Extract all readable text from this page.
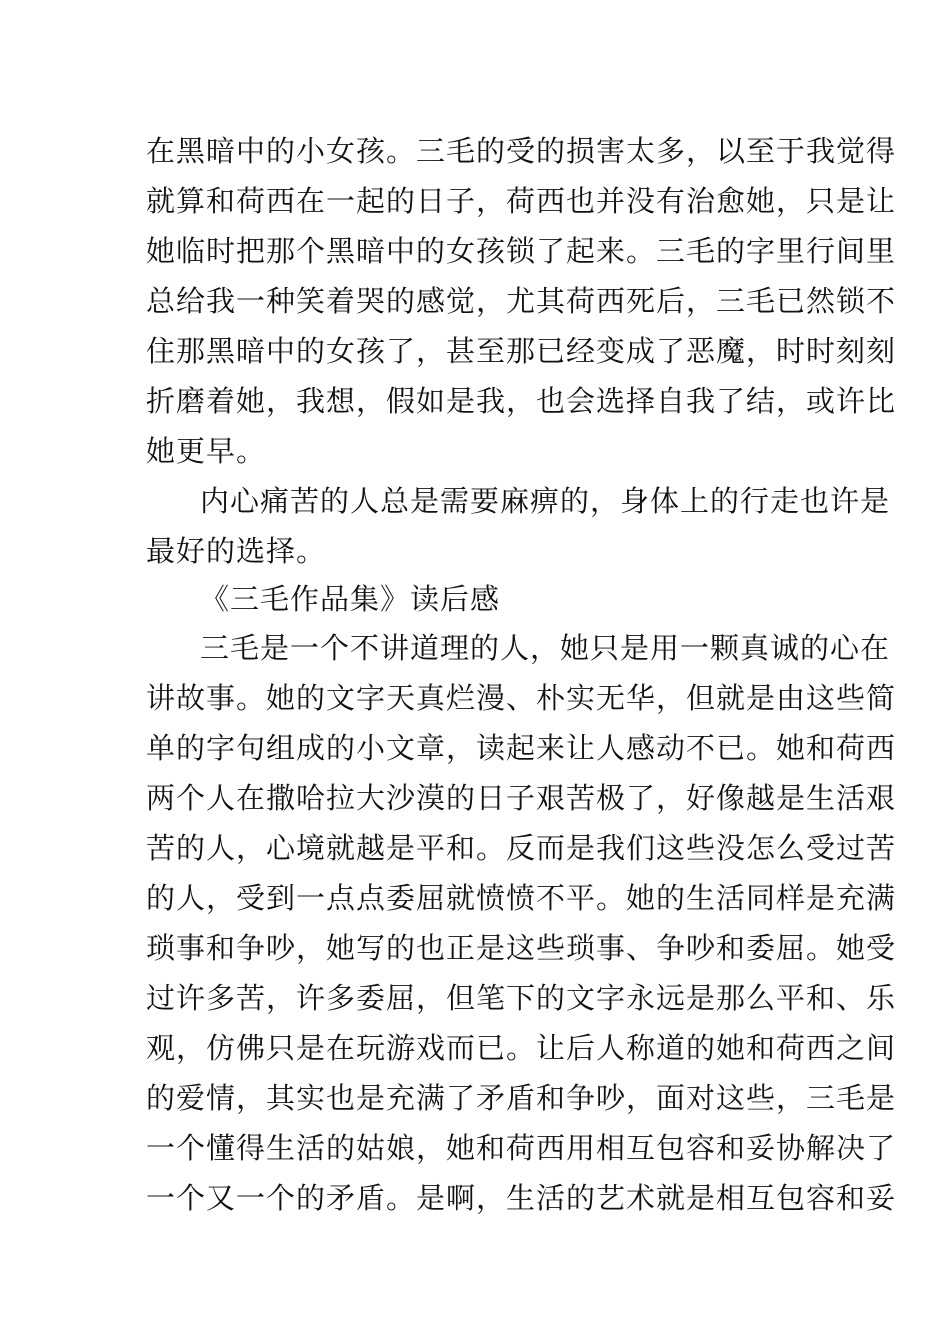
在黑暗中的小女孩。三毛的受的损害太多，以至于我觉得
就算和荷西在一起的日子，荷西也并没有治愈她，只是让
她临时把那个黑暗中的女孩锁了起来。三毛的字里行间里
总给我一种笑着哭的感觉，尤其荷西死后，三毛已然锁不
住那黑暗中的女孩了，甚至那已经变成了恶魔，时时刻刻
折磨着她，我想，假如是我，也会选择自我了结，或许比
她更早。
内心痛苦的人总是需要麻痹的，身体上的行走也许是
最好的选择。
《三毛作品集》读后感
三毛是一个不讲道理的人，她只是用一颗真诚的心在
讲故事。她的文字天真烂漫、朴实无华，但就是由这些简
单的字句组成的小文章，读起来让人感动不已。她和荷西
两个人在撒哈拉大沙漠的日子艰苦极了，好像越是生活艰
苦的人，心境就越是平和。反而是我们这些没怎么受过苦
的人，受到一点点委屈就愤愤不平。她的生活同样是充满
琐事和争吵，她写的也正是这些琐事、争吵和委屈。她受
过许多苦，许多委屈，但笔下的文字永远是那么平和、乐
观，仿佛只是在玩游戏而已。让后人称道的她和荷西之间
的爱情，其实也是充满了矛盾和争吵，面对这些，三毛是
一个懂得生活的姑娘，她和荷西用相互包容和妥协解决了
一个又一个的矛盾。是啊，生活的艺术就是相互包容和妥
